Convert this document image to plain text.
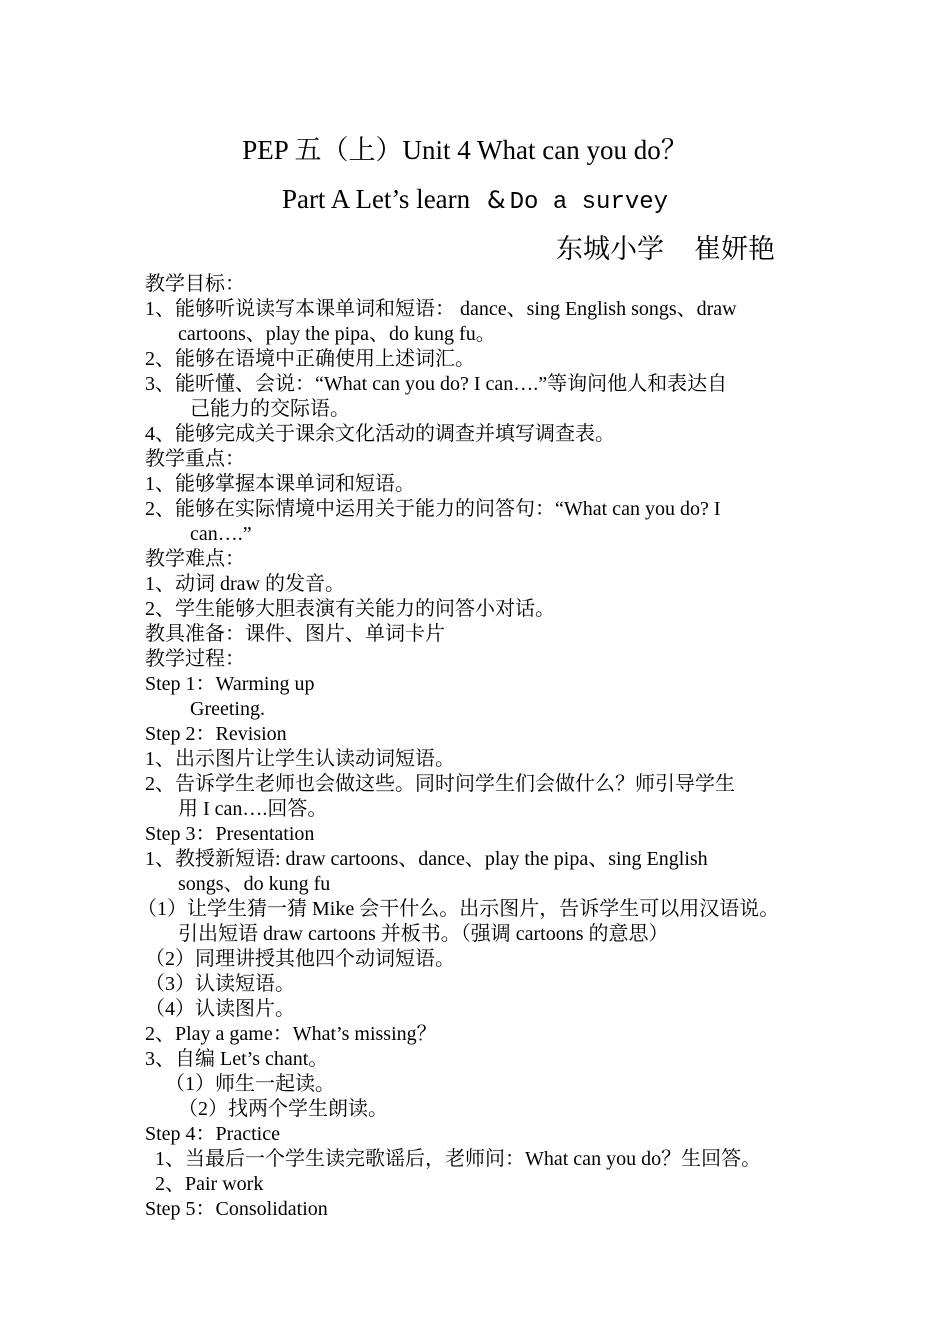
PEP 五（上）Unit 4 What can you do？
Part A Let’s learn & Do a survey
东城小学 崔妍艳
教学目标：
1、能够听说读写本课单词和短语： dance、sing English songs、draw
cartoons、play the pipa、do kung fu。
2、能够在语境中正确使用上述词汇。
3、能听懂、会说：“What can you do? I can….”等询问他人和表达自
己能力的交际语。
4、能够完成关于课余文化活动的调查并填写调查表。
教学重点：
1、能够掌握本课单词和短语。
2、能够在实际情境中运用关于能力的问答句：“What can you do? I
can….”
教学难点：
1、动词 draw 的发音。
2、学生能够大胆表演有关能力的问答小对话。
教具准备：课件、图片、单词卡片
教学过程：
Step 1：Warming up
Greeting.
Step 2：Revision
1、出示图片让学生认读动词短语。
2、告诉学生老师也会做这些。同时问学生们会做什么？师引导学生
用 I can….回答。
Step 3：Presentation
1、教授新短语: draw cartoons、dance、play the pipa、sing English
songs、do kung fu
（1）让学生猜一猜 Mike 会干什么。出示图片，告诉学生可以用汉语说。
引出短语 draw cartoons 并板书。（强调 cartoons 的意思）
（2）同理讲授其他四个动词短语。
（3）认读短语。
（4）认读图片。
2、Play a game：What’s missing？
3、自编 Let’s chant。
（1）师生一起读。
（2）找两个学生朗读。
Step 4：Practice
1、当最后一个学生读完歌谣后，老师问：What can you do？生回答。
2、Pair work
Step 5：Consolidation
